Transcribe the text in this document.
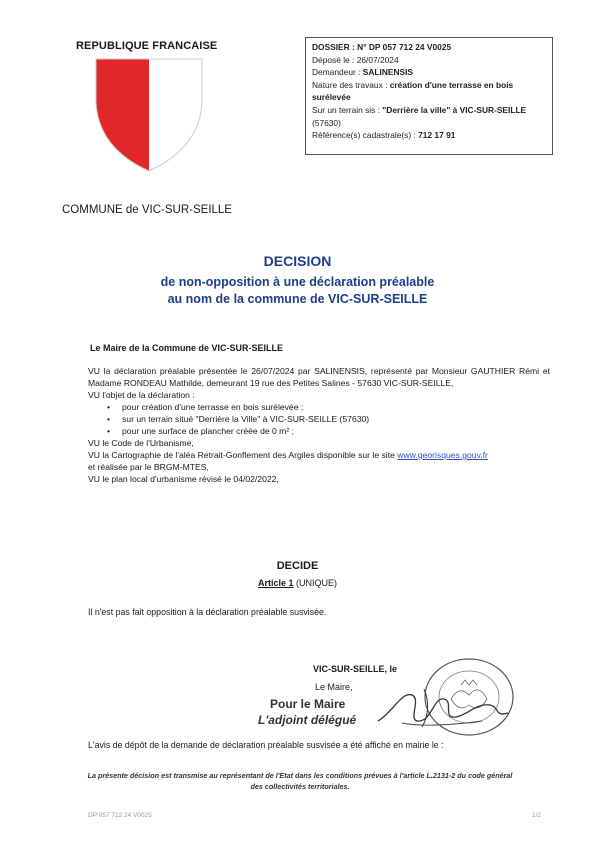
REPUBLIQUE FRANCAISE
COMMUNE de VIC-SUR-SEILLE
DOSSIER : N° DP 057 712 24 V0025
Déposé le : 26/07/2024
Demandeur : SALINENSIS
Nature des travaux : création d'une terrasse en bois
surélevée
Sur un terrain sis : "Derrière la ville" à VIC-SUR-SEILLE
(57630)
Référence(s) cadastrale(s) : 712 17 91
DECISION
de non-opposition à une déclaration préalable
au nom de la commune de VIC-SUR-SEILLE
Le Maire de la Commune de VIC-SUR-SEILLE
VU la déclaration préalable présentée le 26/07/2024 par SALINENSIS, représenté par Monsieur GAUTHIER Rémi et Madame RONDEAU Mathilde, demeurant 19 rue des Petites Salines - 57630 VIC-SUR-SEILLE,
VU l'objet de la déclaration :
• pour création d'une terrasse en bois surélevée ;
• sur un terrain situé "Derrière la Ville" à VIC-SUR-SEILLE (57630)
• pour une surface de plancher créée de 0 m² ;
VU le Code de l'Urbanisme,
VU la Cartographie de l'aléa Retrait-Gonflement des Argiles disponible sur le site www.georisques.gouv.fr
et réalisée par le BRGM-MTES,
VU le plan local d'urbanisme révisé le 04/02/2022,
DECIDE
Article 1 (UNIQUE)
Il n'est pas fait opposition à la déclaration préalable susvisée.
VIC-SUR-SEILLE, le
Le Maire,
Pour le Maire
L'adjoint délégué
L'avis de dépôt de la demande de déclaration préalable susvisée a été affiché en mairie le :
La présente décision est transmise au représentant de l'Etat dans les conditions prévues à l'article L.2131-2 du code général
des collectivités territoriales.
DP 057 712 24 V0025	1/2
